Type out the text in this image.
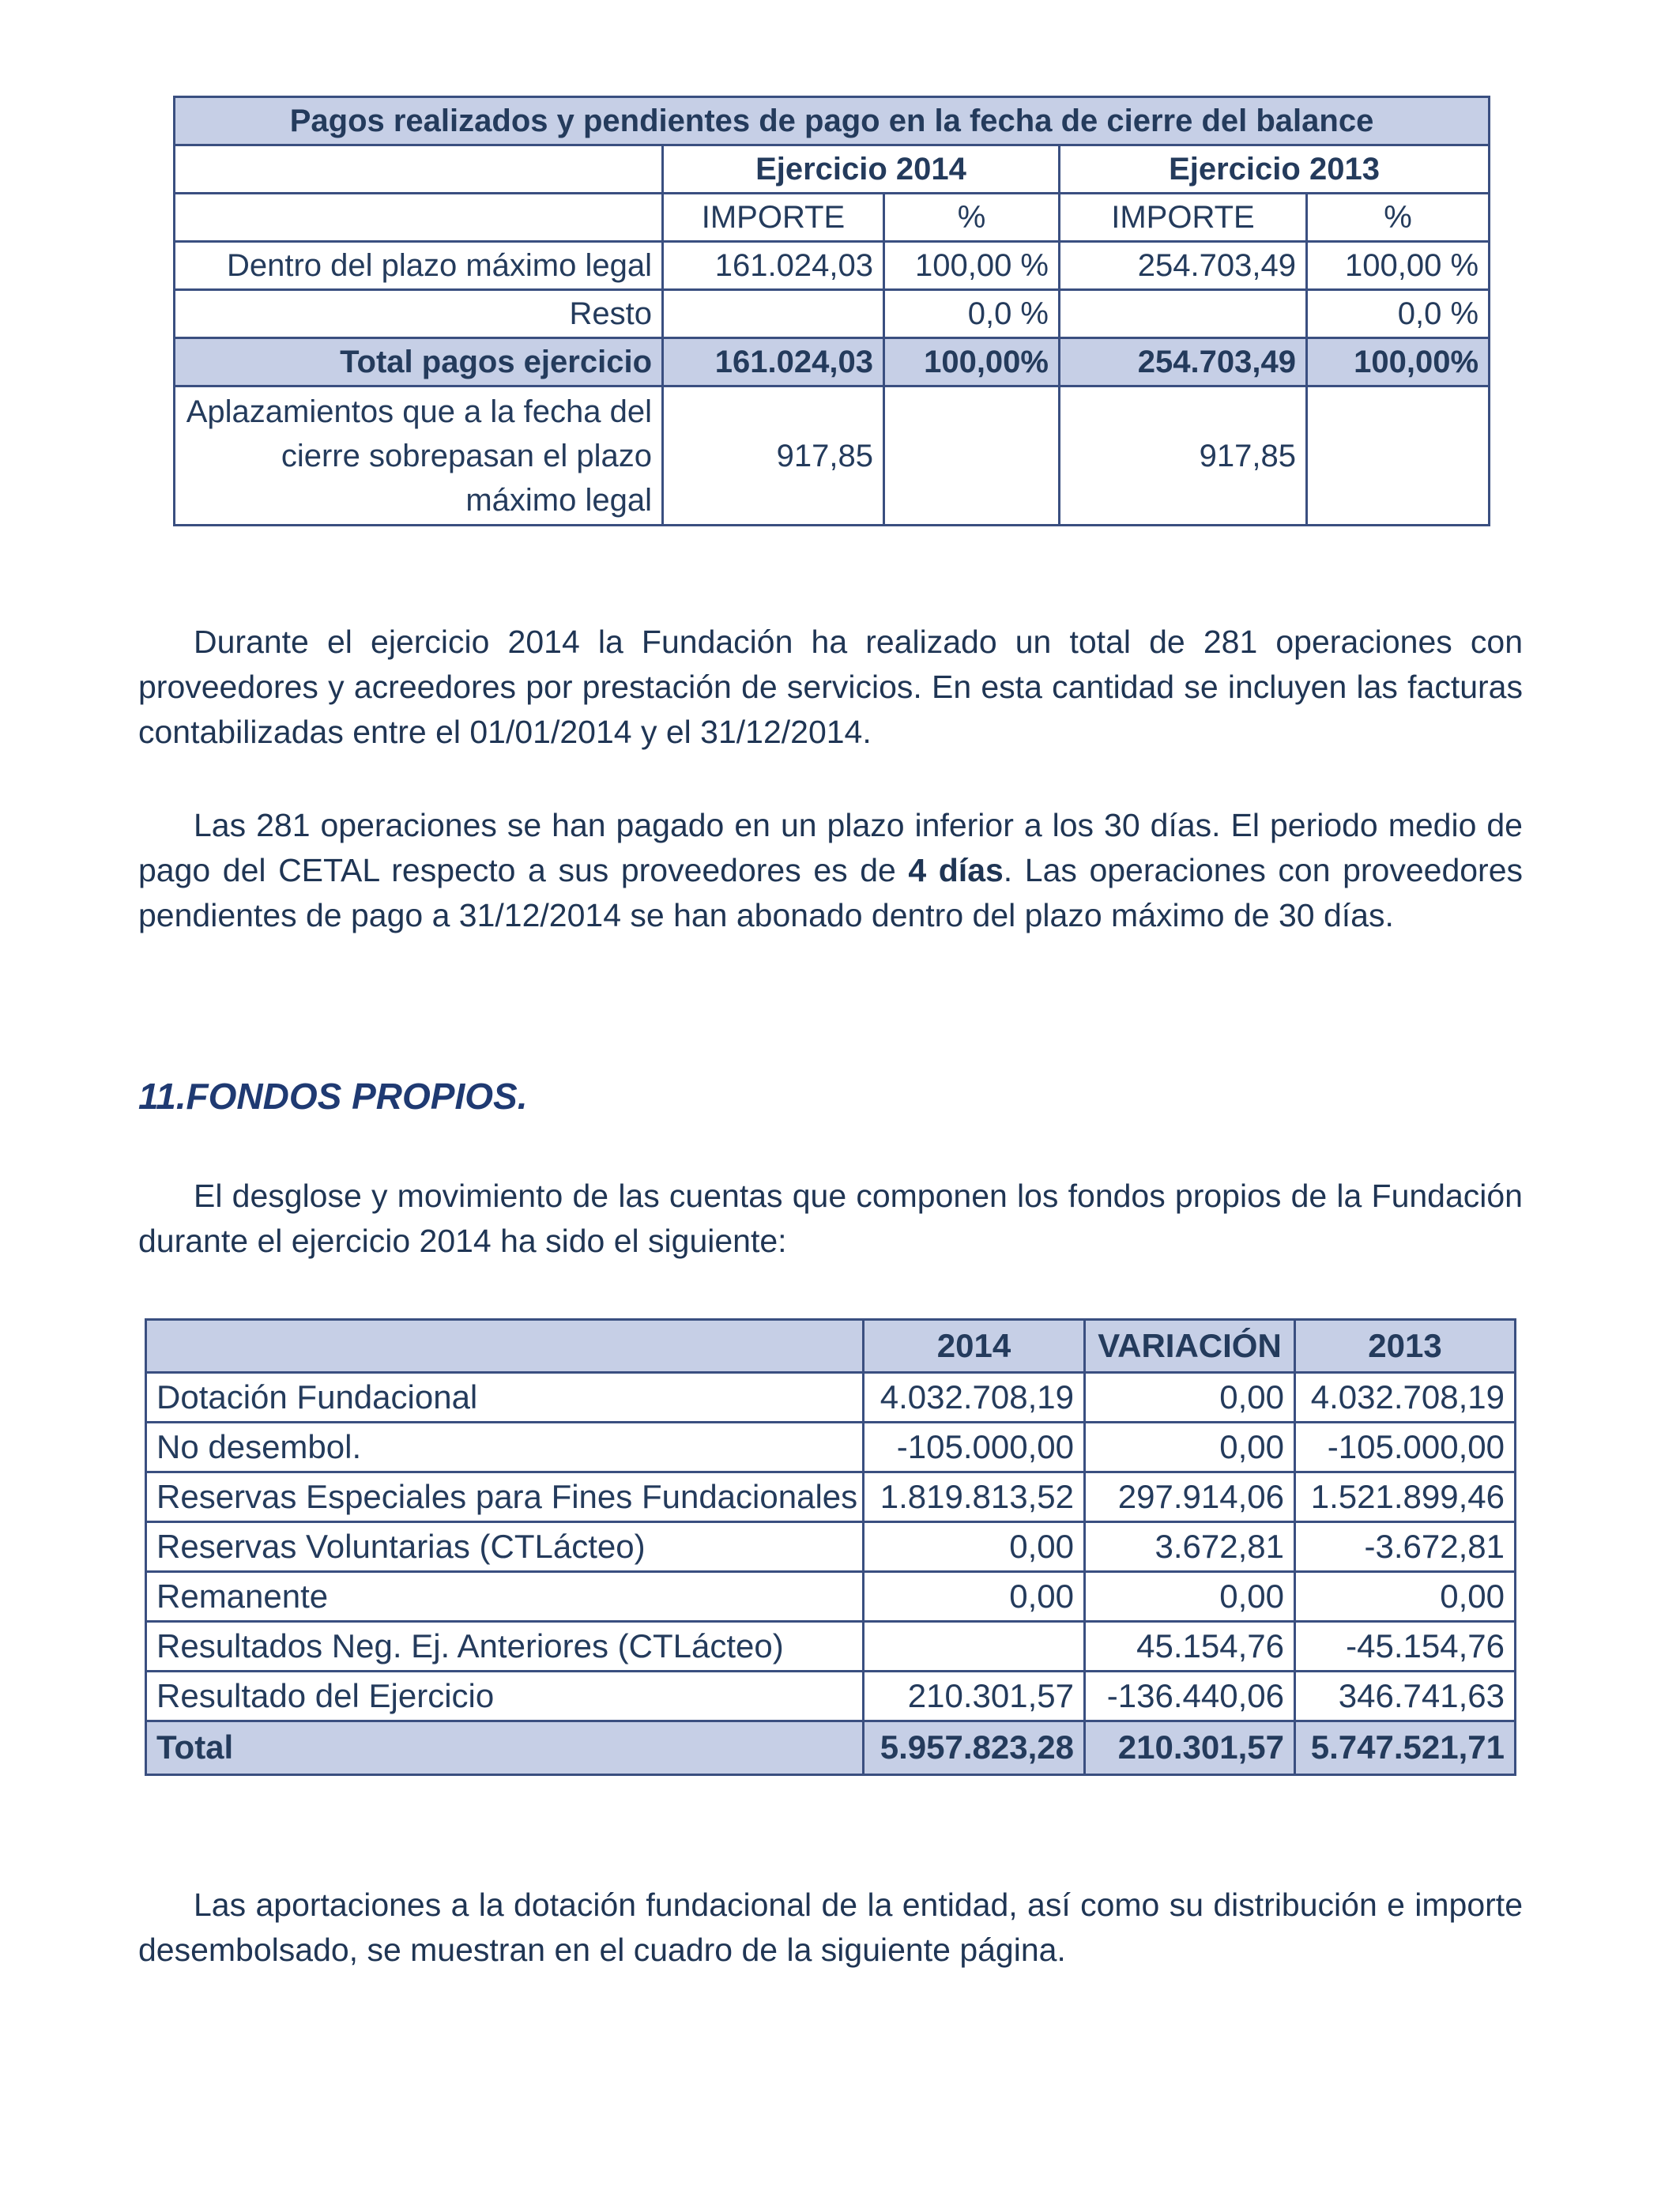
Pagos realizados y pendientes de pago en la fecha de cierre del balance				
	Ejercicio 2014		Ejercicio 2013	
	IMPORTE	%	IMPORTE	%
Dentro del plazo máximo legal	161.024,03	100,00 %	254.703,49	100,00 %
Resto		0,0 %		0,0 %
Total pagos ejercicio	161.024,03	100,00%	254.703,49	100,00%
Aplazamientos que a la fecha del cierre sobrepasan el plazo máximo legal	917,85		917,85	

Durante el ejercicio 2014 la Fundación ha realizado un total de 281 operaciones con proveedores y acreedores por prestación de servicios. En esta cantidad se incluyen las facturas contabilizadas entre el 01/01/2014 y el 31/12/2014.

Las 281 operaciones se han pagado en un plazo inferior a los 30 días. El periodo medio de pago del CETAL respecto a sus proveedores es de 4 días. Las operaciones con proveedores pendientes de pago a 31/12/2014 se han abonado dentro del plazo máximo de 30 días.

11.FONDOS PROPIOS.

El desglose y movimiento de las cuentas que componen los fondos propios de la Fundación durante el ejercicio 2014 ha sido el siguiente:

	2014	VARIACIÓN	2013
Dotación Fundacional	4.032.708,19	0,00	4.032.708,19
No desembol.	-105.000,00	0,00	-105.000,00
Reservas Especiales para Fines Fundacionales	1.819.813,52	297.914,06	1.521.899,46
Reservas Voluntarias (CTLácteo)	0,00	3.672,81	-3.672,81
Remanente	0,00	0,00	0,00
Resultados Neg. Ej. Anteriores (CTLácteo)		45.154,76	-45.154,76
Resultado del Ejercicio	210.301,57	-136.440,06	346.741,63
Total	5.957.823,28	210.301,57	5.747.521,71

Las aportaciones a la dotación fundacional de la entidad, así como su distribución e importe desembolsado, se muestran en el cuadro de la siguiente página.
